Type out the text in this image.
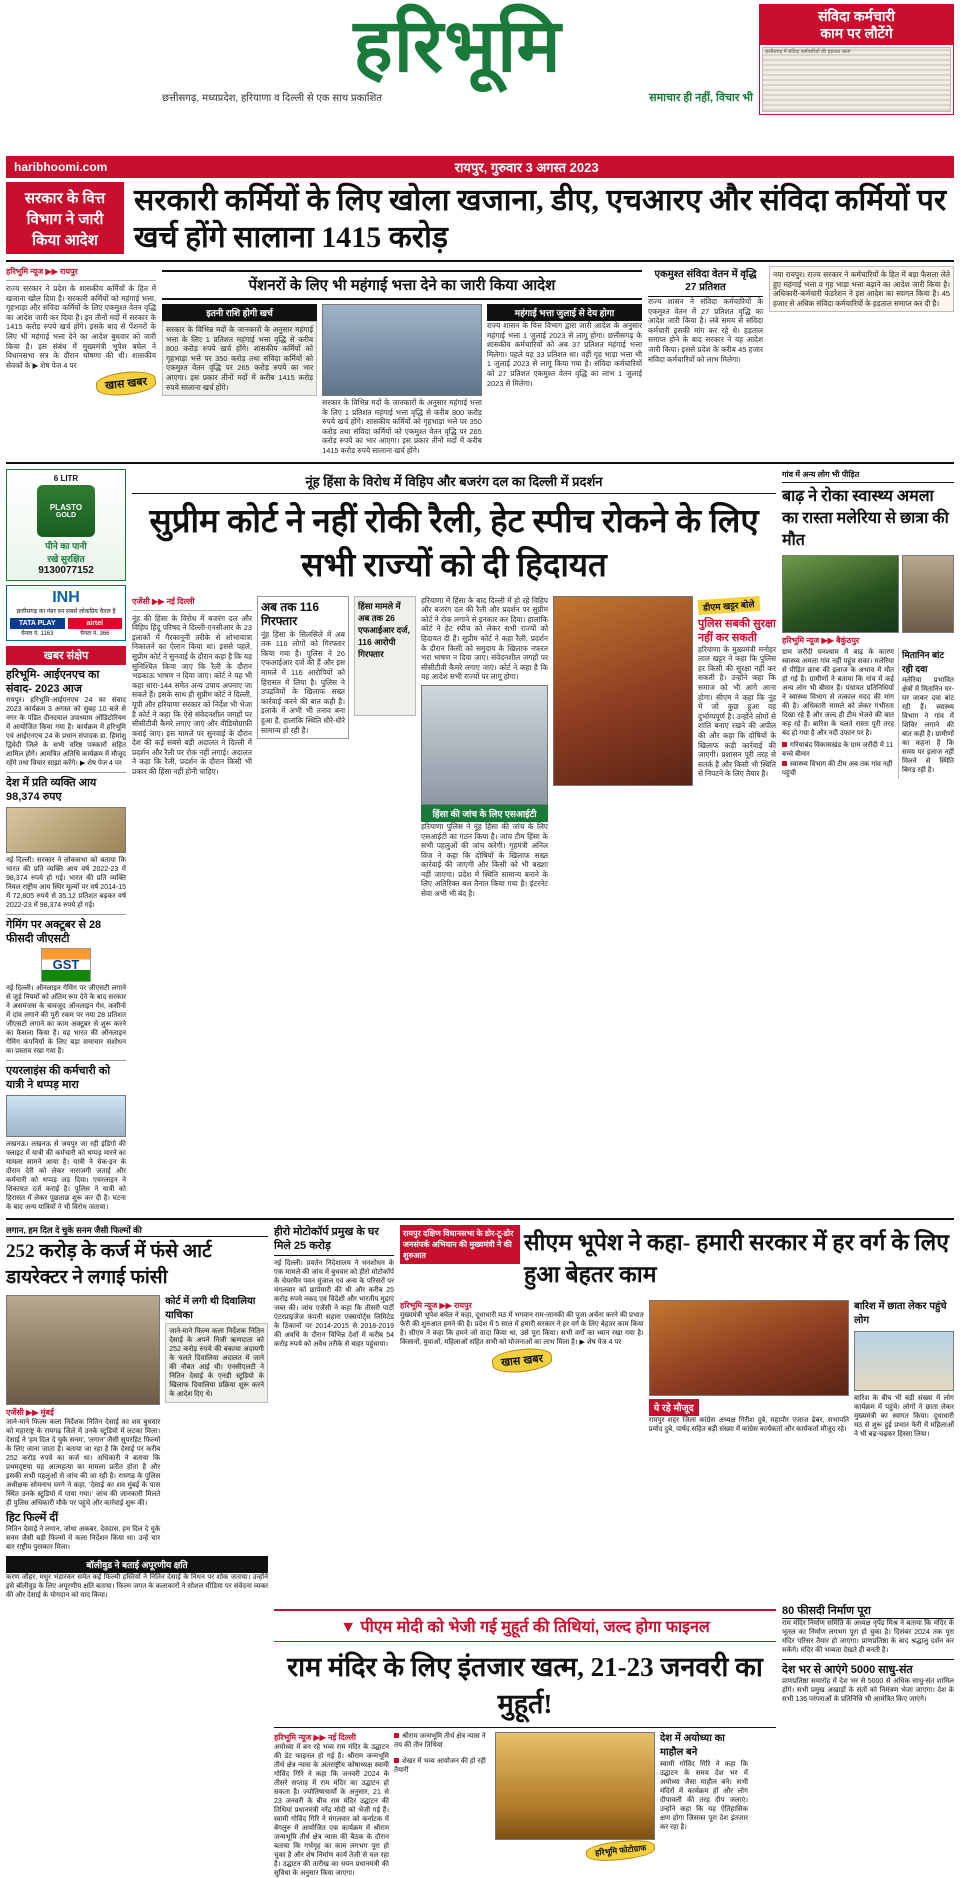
हरिभूमि
छत्तीसगढ़, मध्यप्रदेश, हरियाणा व दिल्ली से एक साथ प्रकाशित	समाचार ही नहीं, विचार भी
संविदा कर्मचारी
काम पर लौटेंगे
छत्तीसगढ़ में संविदा कर्मचारियों की हड़ताल खत्म
haribhoomi.com	रायपुर, गुरुवार 3 अगस्त 2023
सरकार के वित्त विभाग ने जारी किया आदेश
सरकारी कर्मियों के लिए खोला खजाना, डीए, एचआरए और संविदा कर्मियों पर खर्च होंगे सालाना 1415 करोड़
हरिभूमि न्यूज ▶▶ रायपुर
राज्य सरकार ने प्रदेश के शासकीय कर्मियों के हित में खजाना खोल दिया है। सरकारी कर्मियों को महंगाई भत्ता, गृहभाड़ा और संविदा कर्मियों के लिए एकमुश्त वेतन वृद्धि का आदेश जारी कर दिया है। इन तीनों मदों में सरकार के 1415 करोड़ रुपये खर्च होंगे। इसके बाद से पेंशनरों के लिए भी महंगाई भत्ता देने का आदेश बुधवार को जारी किया है। इस संबंध में मुख्यमंत्री भूपेश बघेल ने विधानसभा सत्र के दौरान घोषणा की थी। शासकीय सेवकों के ▶ शेष पेज 4 पर
खास खबर
पेंशनरों के लिए भी महंगाई भत्ता देने का जारी किया आदेश
इतनी राशि होगी खर्च
सरकार के विभिन्न मदों के जानकारों के अनुसार महंगाई भत्ता के लिए 1 प्रतिशत महंगाई भत्ता वृद्धि से करीब 800 करोड़ रुपये खर्च होंगे। शासकीय कर्मियों को गृहभाड़ा भत्ते पर 350 करोड़ तथा संविदा कर्मियों को एकमुश्त वेतन वृद्धि पर 265 करोड़ रुपये का भार आएगा। इस प्रकार तीनों मदों में करीब 1415 करोड़ रुपये सालाना खर्च होंगे।
सरकार के विभिन्न मदों के जानकारों के अनुसार महंगाई भत्ता के लिए 1 प्रतिशत महंगाई भत्ता वृद्धि से करीब 800 करोड़ रुपये खर्च होंगे। शासकीय कर्मियों को गृहभाड़ा भत्ते पर 350 करोड़ तथा संविदा कर्मियों को एकमुश्त वेतन वृद्धि पर 265 करोड़ रुपये का भार आएगा। इस प्रकार तीनों मदों में करीब 1415 करोड़ रुपये सालाना खर्च होंगे।
महंगाई भत्ता जुलाई से देय होगा
राज्य शासन के वित्त विभाग द्वारा जारी आदेश के अनुसार महंगाई भत्ता 1 जुलाई 2023 से लागू होगा। छत्तीसगढ़ के शासकीय कर्मचारियों को अब 37 प्रतिशत महंगाई भत्ता मिलेगा। पहले यह 33 प्रतिशत था। वहीं गृह भाड़ा भत्ता भी 1 जुलाई 2023 से लागू किया गया है। संविदा कर्मचारियों को 27 प्रतिशत एकमुश्त वेतन वृद्धि का लाभ 1 जुलाई 2023 से मिलेगा।
एकमुश्त संविदा वेतन में वृद्धि 27 प्रतिशत
राज्य शासन ने संविदा कर्मचारियों के एकमुश्त वेतन में 27 प्रतिशत वृद्धि का आदेश जारी किया है। लंबे समय से संविदा कर्मचारी इसकी मांग कर रहे थे। हड़ताल समाप्त होने के बाद सरकार ने यह आदेश जारी किया। इससे प्रदेश के करीब 45 हजार संविदा कर्मचारियों को लाभ मिलेगा।
नया रायपुर। राज्य सरकार ने कर्मचारियों के हित में बड़ा फैसला लेते हुए महंगाई भत्ता व गृह भाड़ा भत्ता बढ़ाने का आदेश जारी किया है। अधिकारी-कर्मचारी फेडरेशन ने इस आदेश का स्वागत किया है। 45 हजार से अधिक संविदा कर्मचारियों के हड़ताल समाप्त कर दी है।
6 LITR
PLASTO
GOLD
पीने का पानी
रखे सुरक्षित
9130077152
INH
छत्तीसगढ़ का नंबर वन सबसे लोकप्रिय चैनल है
TATA PLAY	airtel
चैनल नं. 1163	चैनल नं. 366
खबर संक्षेप
हरिभूमि- आईएनएच का संवाद- 2023 आज
रायपुर। हरिभूमि-आईएनएच 24 का संवाद 2023 कार्यक्रम 3 अगस्त को सुबह 10 बजे से नगर के पंडित दीनदयाल उपाध्याय ऑडिटोरियम में आयोजित किया गया है। कार्यक्रम में हरिभूमि एवं आईएनएच 24 के प्रधान संपादक डा. हिमांशु द्विवेदी जिले के सभी वरिष्ठ पत्रकारों सहित शामिल होंगे। आमंत्रित अतिथि कार्यक्रम में मौजूद रहेंगे तथा विचार साझा करेंगे। ▶ शेष पेज 4 पर
देश में प्रति व्यक्ति आय 98,374 रुपए
नई दिल्ली। सरकार ने लोकसभा को बताया कि भारत की प्रति व्यक्ति आय वर्ष 2022-23 में 98,374 रुपये हो गई। भारत की प्रति व्यक्ति निवल राष्ट्रीय आय स्थिर मूल्यों पर वर्ष 2014-15 में 72,805 रुपये से 35.12 प्रतिशत बढ़कर वर्ष 2022-23 में 98,374 रुपये हो गई।
गेमिंग पर अक्टूबर से 28 फीसदी जीएसटी
GST
नई दिल्ली। ऑनलाइन गेमिंग पर जीएसटी लगाने से जुड़े नियमों को अंतिम रूप देने के बाद सरकार ने असमंजस के बावजूद ऑनलाइन गेम, कसीनो में दांव लगाने की पूरी रकम पर नया 28 प्रतिशत जीएसटी लगाने का काम अक्टूबर से शुरू करने का फैसला किया है। यह भारत की ऑनलाइन गेमिंग कंपनियों के लिए बड़ा समाचार संशोधन का प्रस्ताव रखा गया है।
एयरलाइंस की कर्मचारी को यात्री ने थप्पड़ मारा
लखनऊ। लखनऊ से जयपुर जा रही इंडिगो की फ्लाइट में यात्री की कर्मचारी को थप्पड़ मारने का मामला सामने आया है। यात्री ने चेक-इन के दौरान देरी को लेकर नाराजगी जताई और कर्मचारी को थप्पड़ जड़ दिया। एयरलाइन ने शिकायत दर्ज कराई है। पुलिस ने यात्री को हिरासत में लेकर पूछताछ शुरू कर दी है। घटना के बाद अन्य यात्रियों ने भी विरोध जताया।
नूंह हिंसा के विरोध में विहिप और बजरंग दल का दिल्ली में प्रदर्शन
सुप्रीम कोर्ट ने नहीं रोकी रैली, हेट स्पीच रोकने के लिए सभी राज्यों को दी हिदायत
एजेंसी ▶▶ नई दिल्ली
नूंह की हिंसा के विरोध में बजरंग दल और विहिप हिंदू परिषद ने दिल्ली-एनसीआर के 23 इलाकों में गैरकानूनी तरीके से शोभायात्रा निकालने का ऐलान किया था। इससे पहले, सुप्रीम कोर्ट ने सुनवाई के दौरान कहा है कि यह सुनिश्चित किया जाए कि रैली के दौरान भड़काऊ भाषण न दिया जाए। कोर्ट ने यह भी कहा धारा-144 समेत अन्य उपाय अपनाए जा सकते हैं। इसके साथ ही सुप्रीम कोर्ट ने दिल्ली, यूपी और हरियाणा सरकार को निर्देश भी भेजा है कोर्ट ने कहा कि ऐसे संवेदनशील जगहों पर सीसीटीवी कैमरे लगाए जाएं और वीडियोग्राफी कराई जाए। इस मामले पर सुनवाई के दौरान देश की कई सबसे बड़ी अदालत ने दिल्ली में प्रदर्शन और रैली पर रोक नहीं लगाई। अदालत ने कहा कि रैली, प्रदर्शन के दौरान किसी भी प्रकार की हिंसा नहीं होनी चाहिए।
अब तक 116 गिरफ्तार
नूंह हिंसा के सिलसिले में अब तक 116 लोगों को गिरफ्तार किया गया है। पुलिस ने 26 एफआईआर दर्ज की हैं और इस मामले में 116 आरोपियों को हिरासत में लिया है। पुलिस ने उपद्रवियों के खिलाफ सख्त कार्रवाई करने की बात कही है। इलाके में अभी भी तनाव बना हुआ है, हालांकि स्थिति धीरे-धीरे सामान्य हो रही है।
हिंसा मामले में अब तक 26 एफआईआर दर्ज, 116 आरोपी गिरफ्तार
हरियाणा में हिंसा के बाद दिल्ली में हो रहे विहिप और बजरंग दल की रैली और प्रदर्शन पर सुप्रीम कोर्ट ने रोक लगाने से इनकार कर दिया। हालांकि कोर्ट ने हेट स्पीच को लेकर सभी राज्यों को हिदायत दी है। सुप्रीम कोर्ट ने कहा रैली, प्रदर्शन के दौरान किसी को समुदाय के खिलाफ नफरत भरा भाषण न दिया जाए। संवेदनशील जगहों पर सीसीटीवी कैमरे लगाए जाएं। कोर्ट ने कहा है कि यह आदेश सभी राज्यों पर लागू होगा।
हिंसा की जांच के लिए एसआईटी
हरियाणा पुलिस ने नूंह हिंसा की जांच के लिए एसआईटी का गठन किया है। जांच टीम हिंसा के सभी पहलुओं की जांच करेगी। गृहमंत्री अनिल विज ने कहा कि दोषियों के खिलाफ सख्त कार्रवाई की जाएगी और किसी को भी बख्शा नहीं जाएगा। प्रदेश में स्थिति सामान्य बनाने के लिए अतिरिक्त बल तैनात किया गया है। इंटरनेट सेवा अभी भी बंद है।
डीएम खट्टर बोले
पुलिस सबकी सुरक्षा नहीं कर सकती
हरियाणा के मुख्यमंत्री मनोहर लाल खट्टर ने कहा कि पुलिस हर किसी की सुरक्षा नहीं कर सकती है। उन्होंने कहा कि समाज को भी आगे आना होगा। सीएम ने कहा कि नूंह में जो कुछ हुआ वह दुर्भाग्यपूर्ण है। उन्होंने लोगों से शांति बनाए रखने की अपील की और कहा कि दोषियों के खिलाफ कड़ी कार्रवाई की जाएगी। प्रशासन पूरी तरह से सतर्क है और किसी भी स्थिति से निपटने के लिए तैयार है।
गांव में अन्य लोग भी पीड़ित
बाढ़ ने रोका स्वास्थ्य अमला का रास्ता मलेरिया से छात्रा की मौत
हरिभूमि न्यूज ▶▶ बैकुंठपुर
ग्राम जरौंदी घनश्याम में बाढ़ के कारण स्वास्थ्य अमला गांव नहीं पहुंच सका। मलेरिया से पीड़ित छात्रा की इलाज के अभाव में मौत हो गई है। ग्रामीणों ने बताया कि गांव में कई अन्य लोग भी बीमार हैं। पंचायत प्रतिनिधियों ने स्वास्थ्य विभाग से तत्काल मदद की मांग की है। अधिकारी मामले को लेकर गंभीरता दिखा रहे हैं और जल्द ही टीम भेजने की बात कह रहे हैं। बारिश के चलते रास्ता पूरी तरह बंद हो गया है और नदी उफान पर है।
गरियाबंद विकासखंड के ग्राम जरौंदी में 11 बच्चे बीमार
स्वास्थ्य विभाग की टीम अब तक गांव नहीं पहुंची
मितानिन बांट रही दवा
मलेरिया प्रभावित क्षेत्रों में मितानिन घर-घर जाकर दवा बांट रही हैं। स्वास्थ्य विभाग ने गांव में शिविर लगाने की बात कही है। ग्रामीणों का कहना है कि समय पर इलाज नहीं मिलने से स्थिति बिगड़ रही है।
लगान, हम दिल दे चुके सनम जैसी फिल्मों की
252 करोड़ के कर्ज में फंसे आर्ट डायरेक्टर ने लगाई फांसी
एजेंसी ▶▶ मुंबई
जाने-माने फिल्म कला निर्देशक नितिन देसाई का शव बुधवार को महाराष्ट्र के रायगढ़ जिले में उनके स्टूडियो में लटका मिला। देसाई ने 'हम दिल दे चुके सनम', 'लगान' जैसी सुपरहिट फिल्मों के लिए जाना जाता है। बताया जा रहा है कि देसाई पर करीब 252 करोड़ रुपये का कर्ज था। अधिकारी ने बताया कि प्रथमदृष्टया यह आत्महत्या का मामला प्रतीत होता है और इसकी सभी पहलुओं से जांच की जा रही है। रायगढ़ के पुलिस अधीक्षक सोमनाथ घरगे ने कहा, 'देसाई का शव मुंबई के पास स्थित उनके स्टूडियो में पाया गया।' जांच की जानकारी मिलते ही पुलिस अधिकारी मौके पर पहुंचे और कार्रवाई शुरू की।
हिट फिल्में दीं
नितिन देसाई ने लगान, जोधा अकबर, देवदास, हम दिल दे चुके सनम जैसी बड़ी फिल्मों में कला निर्देशन किया था। उन्हें चार बार राष्ट्रीय पुरस्कार मिला।
कोर्ट में लगी थी दिवालिया याचिका
जाने-माने फिल्म कला निर्देशक नितिन देसाई के अपने निजी ऋणदाता को 252 करोड़ रुपये की बकाया अदायगी के चलते दिवालिया अदालत में जाने की नौबत आई थी। एनसीएलटी ने नितिन देसाई के एनडी स्टूडियो के खिलाफ दिवालिया प्रक्रिया शुरू करने के आदेश दिए थे।
बॉलीवुड ने बताई अपूरणीय क्षति
करण जौहर, मधुर भंडारकर समेत कई फिल्मी हस्तियों ने नितिन देसाई के निधन पर शोक जताया। उन्होंने इसे बॉलीवुड के लिए अपूरणीय क्षति बताया। फिल्म जगत के कलाकारों ने सोशल मीडिया पर संवेदना व्यक्त की और देसाई के योगदान को याद किया।
हीरो मोटोकॉर्प प्रमुख के घर मिले 25 करोड़
नई दिल्ली। प्रवर्तन निदेशालय ने धनशोधन के एक मामले की जांच में बुधवार को हीरो मोटोकॉर्प के चेयरमैन पवन मुंजाल एवं अन्य के परिसरों पर मंगलवार को छापेमारी की थी और करीब 25 करोड़ रुपये नकद एवं विदेशी और भारतीय मुद्राएं जब्त की। जांच एजेंसी ने कहा कि तीसरी पार्टी एंटरप्राइजेज कंपनी सहारा एक्सपोर्ट्स लिमिटेड के ठिकानों पर 2014-2015 से 2018-2019 की अवधि के दौरान विभिन्न देशों में करीब 54 करोड़ रुपये को अवैध तरीके से बाहर पहुंचाया।
रायपुर दक्षिण विधानसभा के डोर-टू-डोर जनसंपर्क अभियान की मुख्यमंत्री ने की शुरुआत
सीएम भूपेश ने कहा- हमारी सरकार में हर वर्ग के लिए हुआ बेहतर काम
हरिभूमि न्यूज ▶▶ रायपुर
मुख्यमंत्री भूपेश बघेल ने कहा, दूधाधारी मठ में भगवान राम-जानकी की पूजा अर्चना करने की प्रभात फेरी की शुरुआत हमने की है। प्रदेश में 5 साल में हमारी सरकार ने हर वर्ग के लिए बेहतर काम किया है। सीएम ने कहा कि हमने जो वादा किया था, उसे पूरा किया। सभी वर्गों का ध्यान रखा गया है। किसानों, युवाओं, महिलाओं सहित सभी को योजनाओं का लाभ मिला है। ▶ शेष पेज 4 पर
खास खबर
ये रहे मौजूद
रायपुर शहर जिला कांग्रेस अध्यक्ष गिरीश दुबे, महापौर एजाज ढेबर, सभापति प्रमोद दुबे, पार्षद सहित बड़ी संख्या में कांग्रेस कार्यकर्ता और कार्यकर्ता मौजूद रहे।
बारिश में छाता लेकर पहुंचे लोग
बारिश के बीच भी बड़ी संख्या में लोग कार्यक्रम में पहुंचे। लोगों ने छाता लेकर मुख्यमंत्री का स्वागत किया। दूधाधारी मठ से शुरू हुई प्रभात फेरी में महिलाओं ने भी बढ़-चढ़कर हिस्सा लिया।
▼ पीएम मोदी को भेजी गई मुहूर्त की तिथियां, जल्द होगा फाइनल
राम मंदिर के लिए इंतजार खत्म, 21-23 जनवरी का मुहूर्त!
हरिभूमि न्यूज ▶▶ नई दिल्ली
अयोध्या में बन रहे भव्य राम मंदिर के उद्घाटन की डेट फाइनल हो गई है। श्रीराम जन्मभूमि तीर्थ क्षेत्र न्यास के अंतराष्ट्रीय कोषाध्यक्ष स्वामी गोविंद गिरि ने कहा कि जनवरी 2024 के तीसरे सप्ताह में राम मंदिर का उद्घाटन हो सकता है। ज्योतिषाचार्यों के अनुसार, 21 से 23 जनवरी के बीच राम मंदिर उद्घाटन की तिथियां प्रधानमंत्री नरेंद्र मोदी को भेजी गई हैं। स्वामी गोविंद गिरि ने मंगलवार को कर्नाटक में बेंगलुरु में आयोजित एक कार्यक्रम में श्रीराम जन्मभूमि तीर्थ क्षेत्र न्यास की बैठक के दौरान बताया कि गर्भगृह का काम लगभग पूरा हो चुका है और शेष निर्माण कार्य तेजी से चल रहा है। उद्घाटन की तारीख का चयन प्रधानमंत्री की सुविधा के अनुसार किया जाएगा।
श्रीराम जन्मभूमि तीर्थ क्षेत्र न्यास ने तय कीं तीन तिथियां
शेखर में भव्य आयोजन की हो रही तैयारी
हरिभूमि फोटोग्राफ
देश में अयोध्या का माहौल बने
स्वामी गोविंद गिरि ने कहा कि उद्घाटन के समय देश भर में अयोध्या जैसा माहौल बने। सभी मंदिरों में कार्यक्रम हों और लोग दीपावली की तरह दीप जलाएं। उन्होंने कहा कि यह ऐतिहासिक क्षण होगा जिसका पूरा देश इंतजार कर रहा है।
80 फीसदी निर्माण पूरा
राम मंदिर निर्माण समिति के अध्यक्ष नृपेंद्र मिश्र ने बताया कि मंदिर के भूतल का निर्माण लगभग पूरा हो चुका है। दिसंबर 2024 तक पूरा मंदिर परिसर तैयार हो जाएगा। प्राणप्रतिष्ठा के बाद श्रद्धालु दर्शन कर सकेंगे। मंदिर की भव्यता देखते ही बनती है।
देश भर से आएंगे 5000 साधु-संत
प्राणप्रतिष्ठा समारोह में देश भर से 5000 से अधिक साधु-संत शामिल होंगे। सभी प्रमुख अखाड़ों के संतों को निमंत्रण भेजा जाएगा। देश के सभी 136 परंपराओं के प्रतिनिधि भी आमंत्रित किए जाएंगे।
